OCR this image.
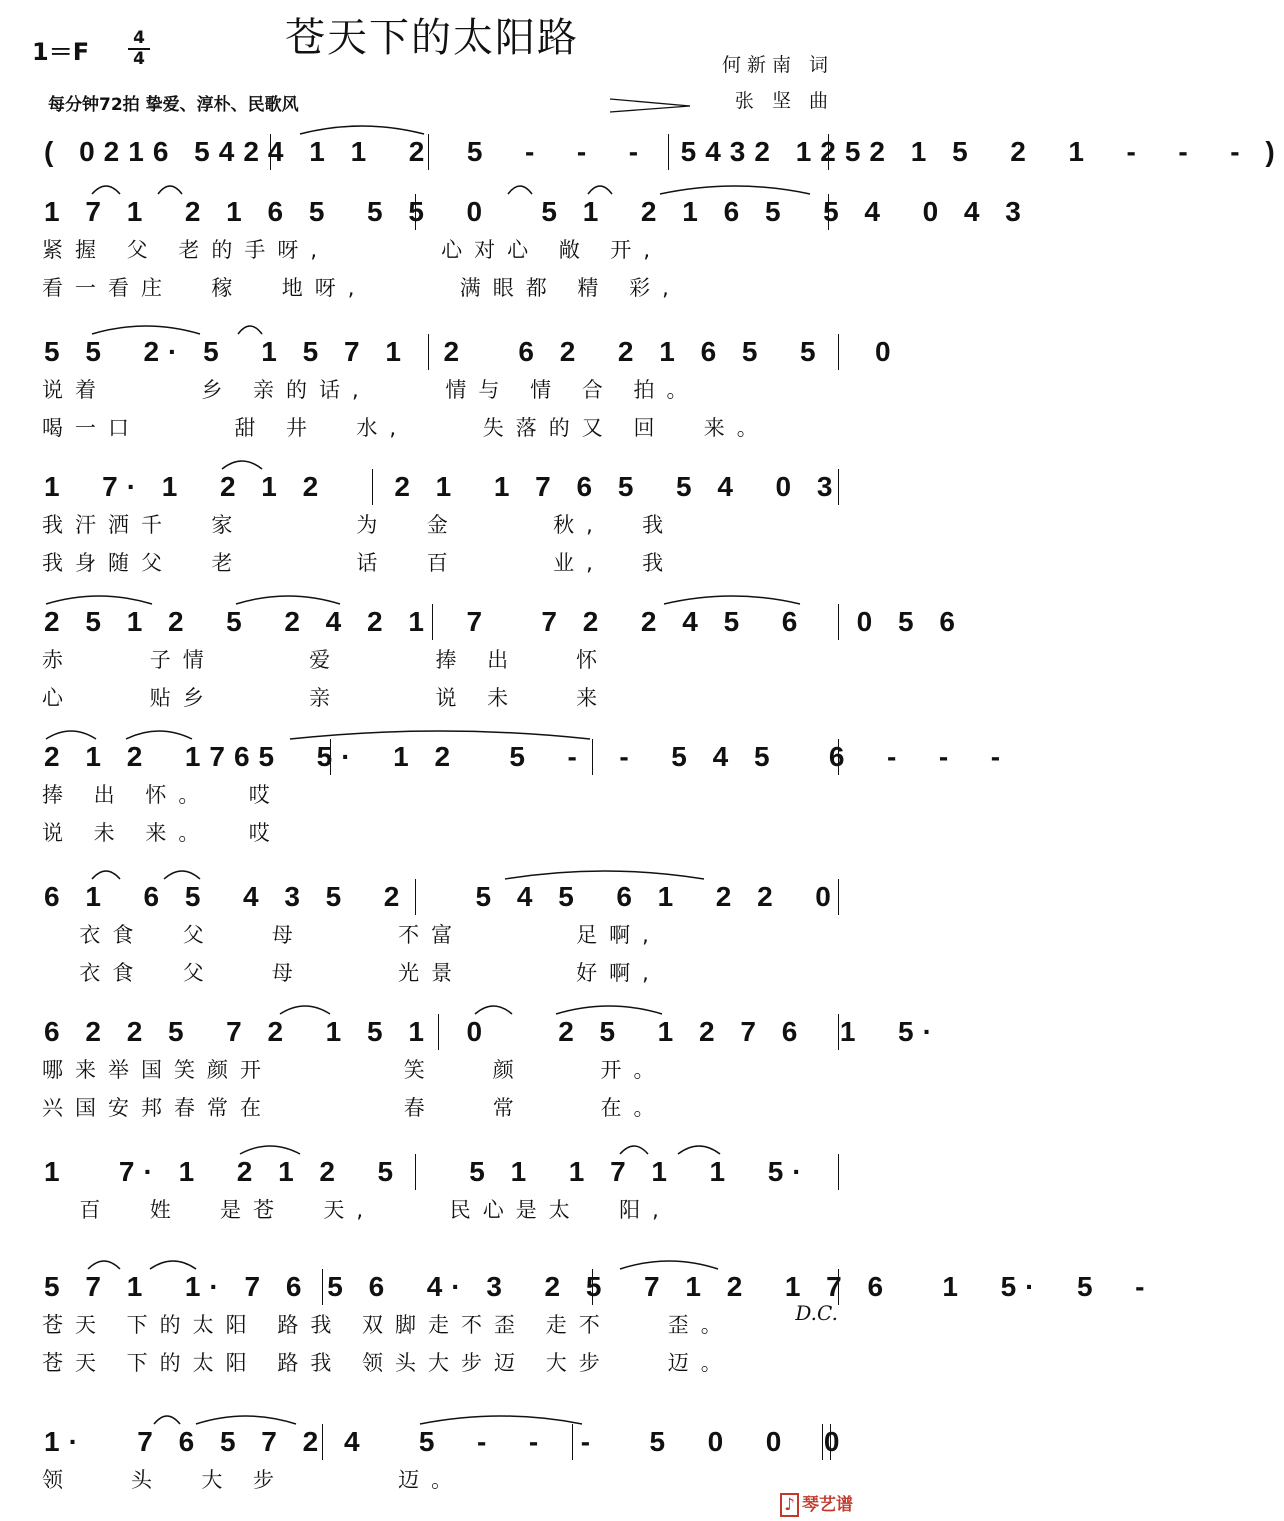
苍天下的太阳路
1＝F	4
4	何新南 词
张 坚 曲
每分钟72拍 挚爱、淳朴、民歌风
( 0216 5424 1 1  2  5  -  -  -  5432 1252 1 5  2  1  -  -  - )
1 7 1  2 1 6 5  5 5  0   5 1  2 1 6 5  5 4  0 4 3
紧握 父 老的手呀,      心对心 敞 开,
看一看庄  稼  地呀,     满眼都 精 彩,
5 5  2· 5  1 5 7 1  2   6 2  2 1 6 5  5   0
说着     乡 亲的话,    情与 情 合 拍。
喝一口     甜 井  水,    失落的又 回  来。
1  7· 1  2 1 2    2 1  1 7 6 5  5 4  0 3
我汗洒千  家      为  金     秋,  我
我身随父  老      话  百     业,  我
2 5 1 2  5  2 4 2 1  7   7 2  2 4 5  6   0 5 6
赤    子情     爱     捧 出   怀
心    贴乡     亲     说 未   来
2 1 2  1765  5·  1 2   5  -  -  5 4 5   6  -  -  -
捧 出 怀。  哎
说 未 来。  哎
6 1  6 5  4 3 5  2    5 4 5  6 1  2 2  0
衣食  父   母     不富      足啊,
衣食  父   母     光景      好啊,
6 2 2 5  7 2  1 5 1  0    2 5  1 2 7 6  1  5·
哪来举国笑颜开       笑   颜    开。
兴国安邦春常在       春   常    在。
1   7· 1  2 1 2  5    5 1  1 7 1  1  5·
百  姓  是苍  天,    民心是太  阳,
5 7 1  1· 7 6 5 6  4· 3  2 5  7 1 2  1 7 6   1  5·  5  -
苍天 下的太阳 路我 双脚走不歪 走不   歪。
苍天 下的太阳 路我 领头大步迈 大步   迈。
1·   7 6 5 7 2 4   5  -  -  -   5  0  0  0
领   头  大 步      迈。
D.C.
♪ 琴艺谱
